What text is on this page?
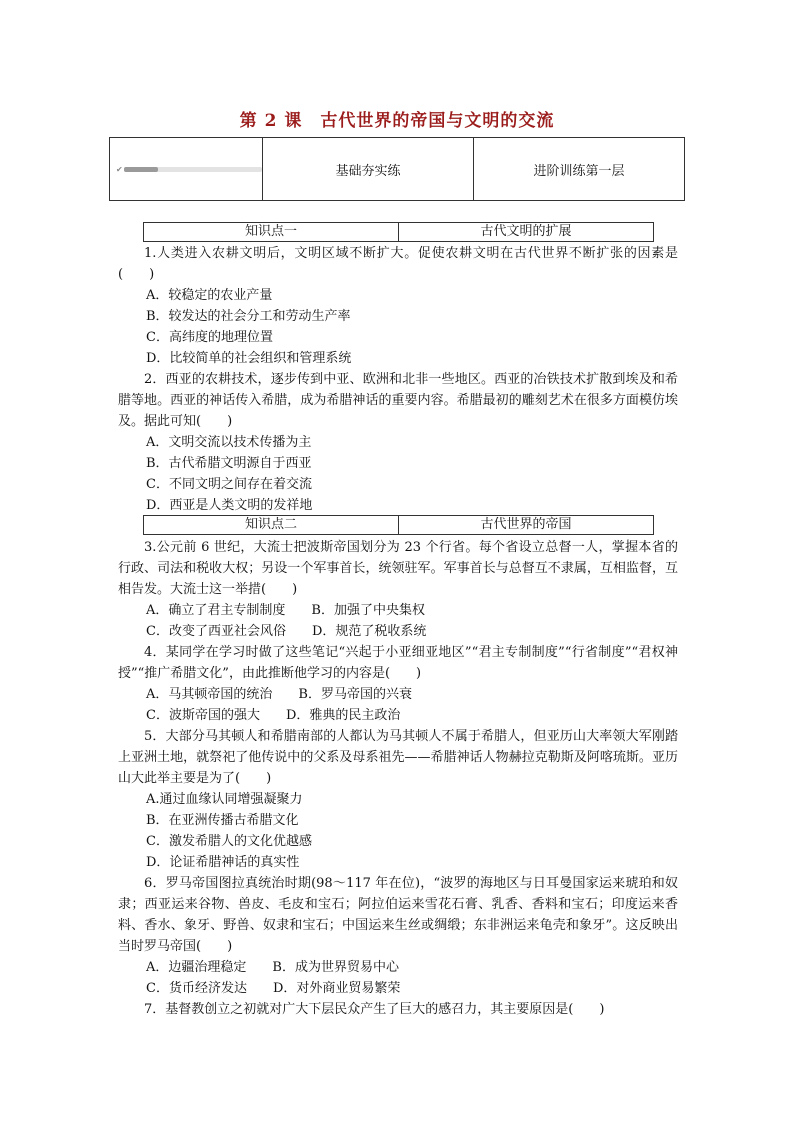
第 2 课　古代世界的帝国与文明的交流
✔	基础夯实练	进阶训练第一层
知识点一	古代文明的扩展

1.人类进入农耕文明后，文明区域不断扩大。促使农耕文明在古代世界不断扩张的因素是(　　)

A．较稳定的农业产量

B．较发达的社会分工和劳动生产率

C．高纬度的地理位置

D．比较简单的社会组织和管理系统

2．西亚的农耕技术，逐步传到中亚、欧洲和北非一些地区。西亚的冶铁技术扩散到埃及和希腊等地。西亚的神话传入希腊，成为希腊神话的重要内容。希腊最初的雕刻艺术在很多方面模仿埃及。据此可知(　　)

A．文明交流以技术传播为主

B．古代希腊文明源自于西亚

C．不同文明之间存在着交流

D．西亚是人类文明的发祥地

知识点二	古代世界的帝国

3.公元前 6 世纪，大流士把波斯帝国划分为 23 个行省。每个省设立总督一人，掌握本省的行政、司法和税收大权；另设一个军事首长，统领驻军。军事首长与总督互不隶属，互相监督，互相告发。大流士这一举措(　　)

A．确立了君主专制制度　　B．加强了中央集权

C．改变了西亚社会风俗　　D．规范了税收系统

4．某同学在学习时做了这些笔记“兴起于小亚细亚地区”“君主专制制度”“行省制度”“君权神授”“推广希腊文化”，由此推断他学习的内容是(　　)

A．马其顿帝国的统治　　B．罗马帝国的兴衰

C．波斯帝国的强大　　D．雅典的民主政治

5．大部分马其顿人和希腊南部的人都认为马其顿人不属于希腊人，但亚历山大率领大军刚踏上亚洲土地，就祭祀了他传说中的父系及母系祖先——希腊神话人物赫拉克勒斯及阿喀琉斯。亚历山大此举主要是为了(　　)

A.通过血缘认同增强凝聚力

B．在亚洲传播古希腊文化

C．激发希腊人的文化优越感

D．论证希腊神话的真实性

6．罗马帝国图拉真统治时期(98～117 年在位)，“波罗的海地区与日耳曼国家运来琥珀和奴隶；西亚运来谷物、兽皮、毛皮和宝石；阿拉伯运来雪花石膏、乳香、香料和宝石；印度运来香料、香水、象牙、野兽、奴隶和宝石；中国运来生丝或绸缎；东非洲运来龟壳和象牙”。这反映出当时罗马帝国(　　)

A．边疆治理稳定　　B．成为世界贸易中心

C．货币经济发达　　D．对外商业贸易繁荣

7．基督教创立之初就对广大下层民众产生了巨大的感召力，其主要原因是(　　)
